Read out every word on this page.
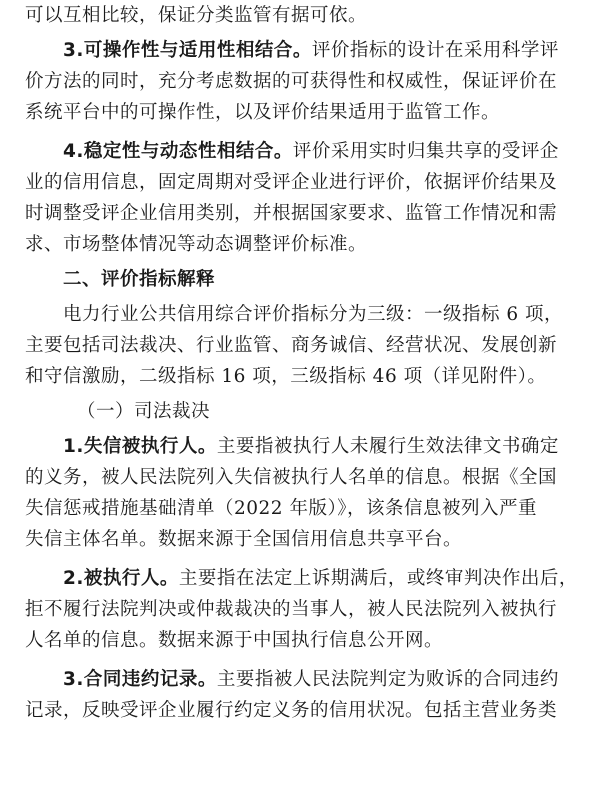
可以互相比较，保证分类监管有据可依。
3.可操作性与适用性相结合。评价指标的设计在采用科学评
价方法的同时，充分考虑数据的可获得性和权威性，保证评价在
系统平台中的可操作性，以及评价结果适用于监管工作。
4.稳定性与动态性相结合。评价采用实时归集共享的受评企
业的信用信息，固定周期对受评企业进行评价，依据评价结果及
时调整受评企业信用类别，并根据国家要求、监管工作情况和需
求、市场整体情况等动态调整评价标准。
二、评价指标解释
电力行业公共信用综合评价指标分为三级：一级指标 6 项，
主要包括司法裁决、行业监管、商务诚信、经营状况、发展创新
和守信激励，二级指标 16 项，三级指标 46 项（详见附件）。
（一）司法裁决
1.失信被执行人。主要指被执行人未履行生效法律文书确定
的义务，被人民法院列入失信被执行人名单的信息。根据《全国
失信惩戒措施基础清单（2022 年版）》，该条信息被列入严重
失信主体名单。数据来源于全国信用信息共享平台。
2.被执行人。主要指在法定上诉期满后，或终审判决作出后，
拒不履行法院判决或仲裁裁决的当事人，被人民法院列入被执行
人名单的信息。数据来源于中国执行信息公开网。
3.合同违约记录。主要指被人民法院判定为败诉的合同违约
记录，反映受评企业履行约定义务的信用状况。包括主营业务类
